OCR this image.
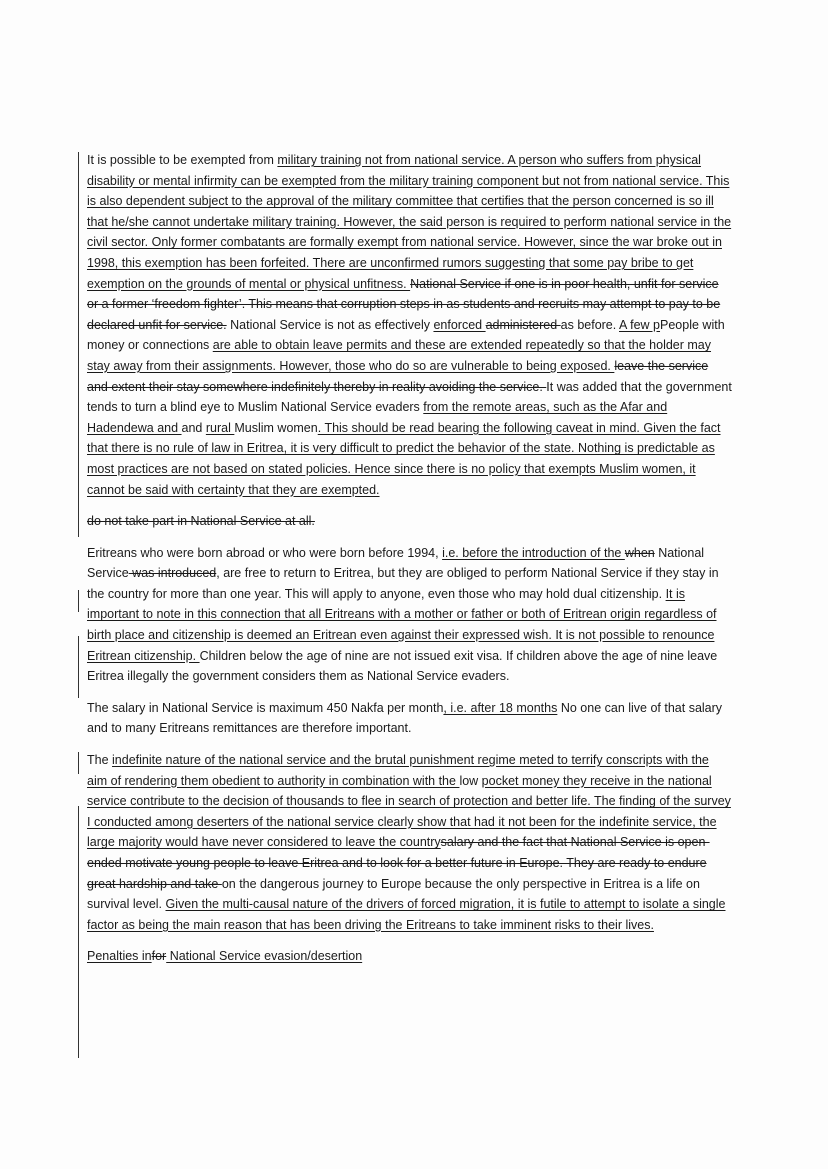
It is possible to be exempted from military training not from national service. A person who suffers from physical disability or mental infirmity can be exempted from the military training component but not from national service. This is also dependent subject to the approval of the military committee that certifies that the person concerned is so ill that he/she cannot undertake military training. However, the said person is required to perform national service in the civil sector. Only former combatants are formally exempt from national service. However, since the war broke out in 1998, this exemption has been forfeited. There are unconfirmed rumors suggesting that some pay bribe to get exemption on the grounds of mental or physical unfitness. National Service if one is in poor health, unfit for service or a former ‘freedom fighter’. This means that corruption steps in as students and recruits may attempt to pay to be declared unfit for service. National Service is not as effectively enforced administered as before. A few pPeople with money or connections are able to obtain leave permits and these are extended repeatedly so that the holder may stay away from their assignments. However, those who do so are vulnerable to being exposed. leave the service and extent their stay somewhere indefinitely thereby in reality avoiding the service. It was added that the government tends to turn a blind eye to Muslim National Service evaders from the remote areas, such as the Afar and Hadendewa and and rural Muslim women. This should be read bearing the following caveat in mind. Given the fact that there is no rule of law in Eritrea, it is very difficult to predict the behavior of the state. Nothing is predictable as most practices are not based on stated policies. Hence since there is no policy that exempts Muslim women, it cannot be said with certainty that they are exempted.

do not take part in National Service at all.

Eritreans who were born abroad or who were born before 1994, i.e. before the introduction of the when National Service was introduced, are free to return to Eritrea, but they are obliged to perform National Service if they stay in the country for more than one year. This will apply to anyone, even those who may hold dual citizenship. It is important to note in this connection that all Eritreans with a mother or father or both of Eritrean origin regardless of birth place and citizenship is deemed an Eritrean even against their expressed wish. It is not possible to renounce Eritrean citizenship. Children below the age of nine are not issued exit visa. If children above the age of nine leave Eritrea illegally the government considers them as National Service evaders.

The salary in National Service is maximum 450 Nakfa per month, i.e. after 18 months No one can live of that salary and to many Eritreans remittances are therefore important.

The indefinite nature of the national service and the brutal punishment regime meted to terrify conscripts with the aim of rendering them obedient to authority in combination with the low pocket money they receive in the national service contribute to the decision of thousands to flee in search of protection and better life. The finding of the survey I conducted among deserters of the national service clearly show that had it not been for the indefinite service, the large majority would have never considered to leave the countrysalary and the fact that National Service is open-ended motivate young people to leave Eritrea and to look for a better future in Europe. They are ready to endure great hardship and take on the dangerous journey to Europe because the only perspective in Eritrea is a life on survival level. Given the multi-causal nature of the drivers of forced migration, it is futile to attempt to isolate a single factor as being the main reason that has been driving the Eritreans to take imminent risks to their lives.

Penalties infor National Service evasion/desertion
